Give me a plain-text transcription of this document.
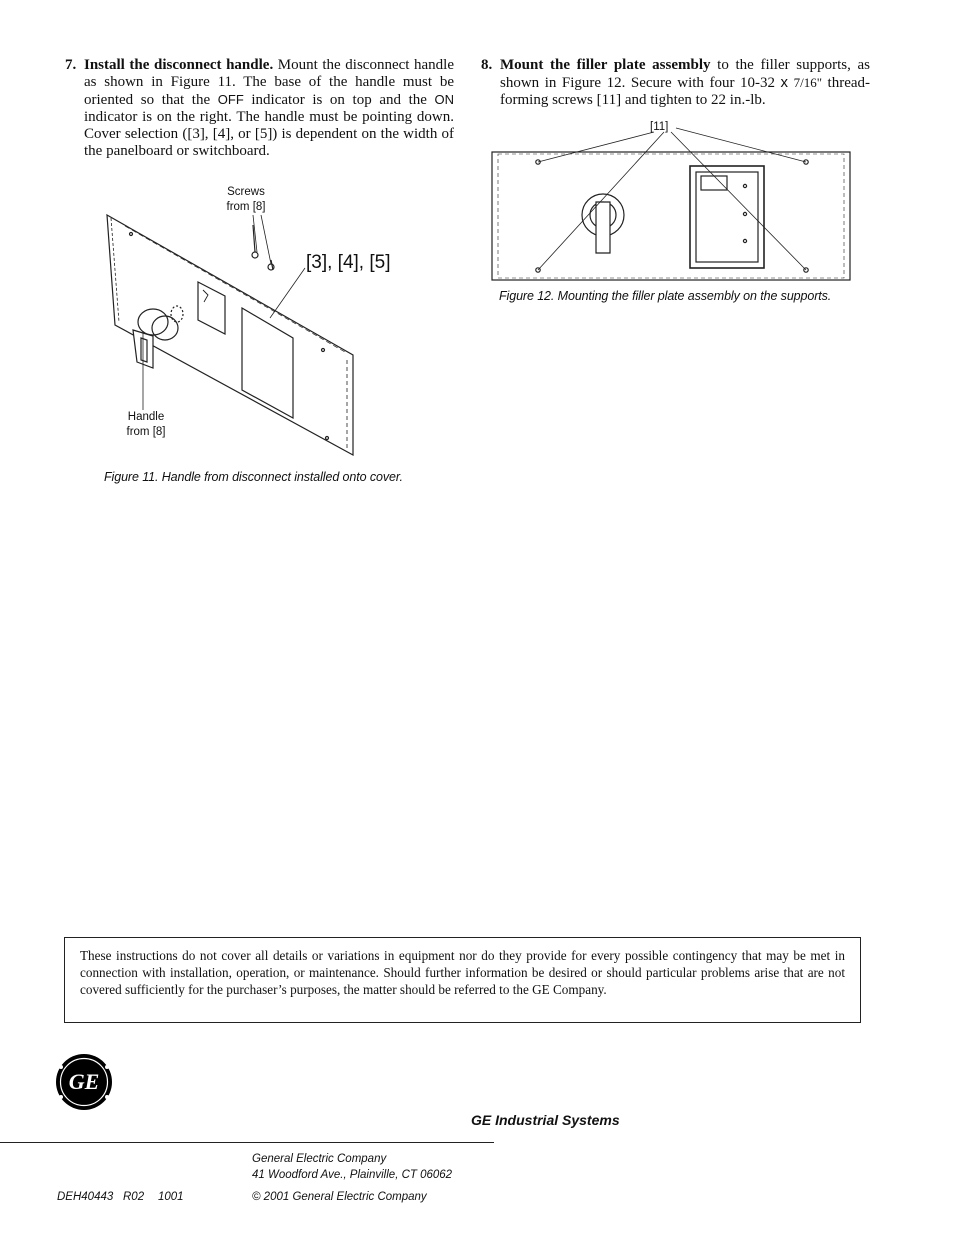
7. Install the disconnect handle. Mount the disconnect handle as shown in Figure 11. The base of the handle must be oriented so that the OFF indicator is on top and the ON indicator is on the right. The handle must be pointing down. Cover selection ([3], [4], or [5]) is dependent on the width of the panelboard or switchboard.
8. Mount the filler plate assembly to the filler supports, as shown in Figure 12. Secure with four 10-32 x 7/16" thread-forming screws [11] and tighten to 22 in.-lb.
Screws
from [8]
[3], [4], [5]
Handle
from [8]
Figure 11. Handle from disconnect installed onto cover.
[11]
Figure 12. Mounting the filler plate assembly on the supports.
These instructions do not cover all details or variations in equipment nor do they provide for every possible contingency that may be met in connection with installation, operation, or maintenance. Should further information be desired or should particular problems arise that are not covered sufficiently for the purchaser’s purposes, the matter should be referred to the GE Company.
GE
GE Industrial Systems
General Electric Company
41 Woodford Ave., Plainville, CT 06062
DEH40443 R02 1001	© 2001 General Electric Company
